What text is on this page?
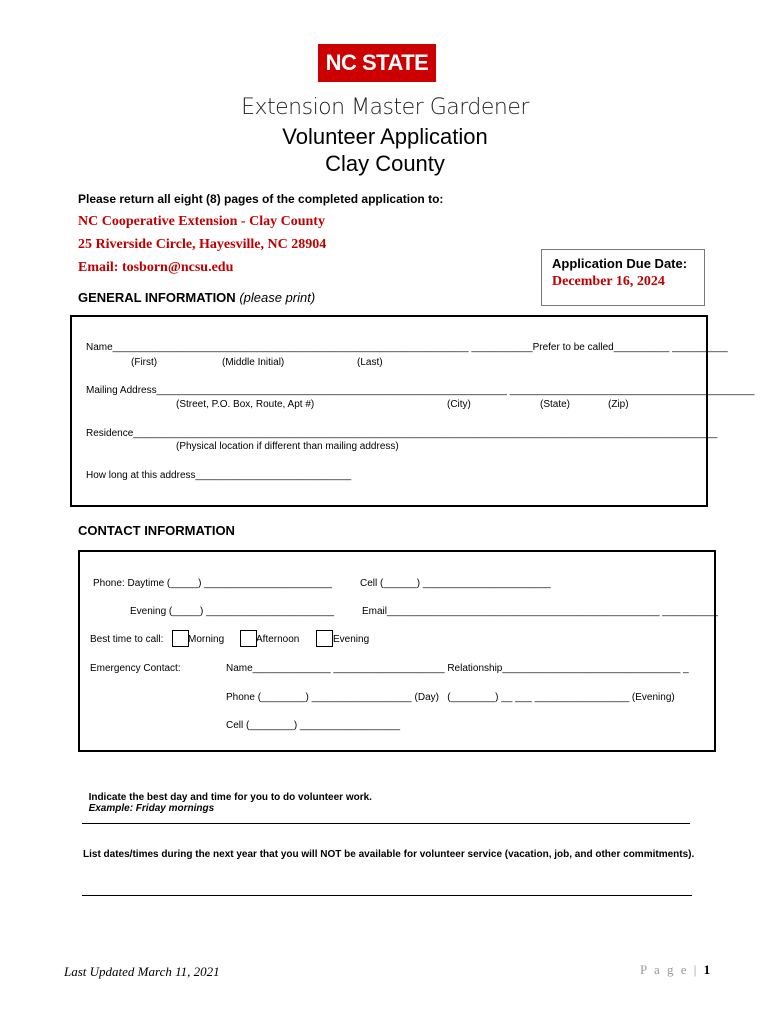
NC STATE
Extension Master Gardener
Volunteer Application
Clay County
Please return all eight (8) pages of the completed application to:
NC Cooperative Extension - Clay County
25 Riverside Circle, Hayesville, NC 28904
Email: tosborn@ncsu.edu	Application Due Date:
December 16, 2024
GENERAL INFORMATION (please print)
Name________________________________________________________________ ___________Prefer to be called__________ __________
(First)	(Middle Initial)	(Last)
Mailing Address_______________________________________________________________ ____________________________________________
(Street, P.O. Box, Route, Apt #)	(City)	(State)	(Zip)
Residence_________________________________________________________________________________________________________
(Physical location if different than mailing address)
How long at this address____________________________
CONTACT INFORMATION
Phone: Daytime (_____) _______________________	Cell (______) _______________________
Evening (_____) _______________________	Email_________________________________________________ __________
Best time to call: Morning	Afternoon	Evening
Emergency Contact:	Name______________ ____________________ Relationship________________________________ _
Phone (________) __________________ (Day)   (________) __ ___ _________________ (Evening)
Cell (________) __________________

Indicate the best day and time for you to do volunteer work.
Example: Friday mornings

List dates/times during the next year that you will NOT be available for volunteer service (vacation, job, and other commitments).
Last Updated March 11, 2021	P a g e | 1
